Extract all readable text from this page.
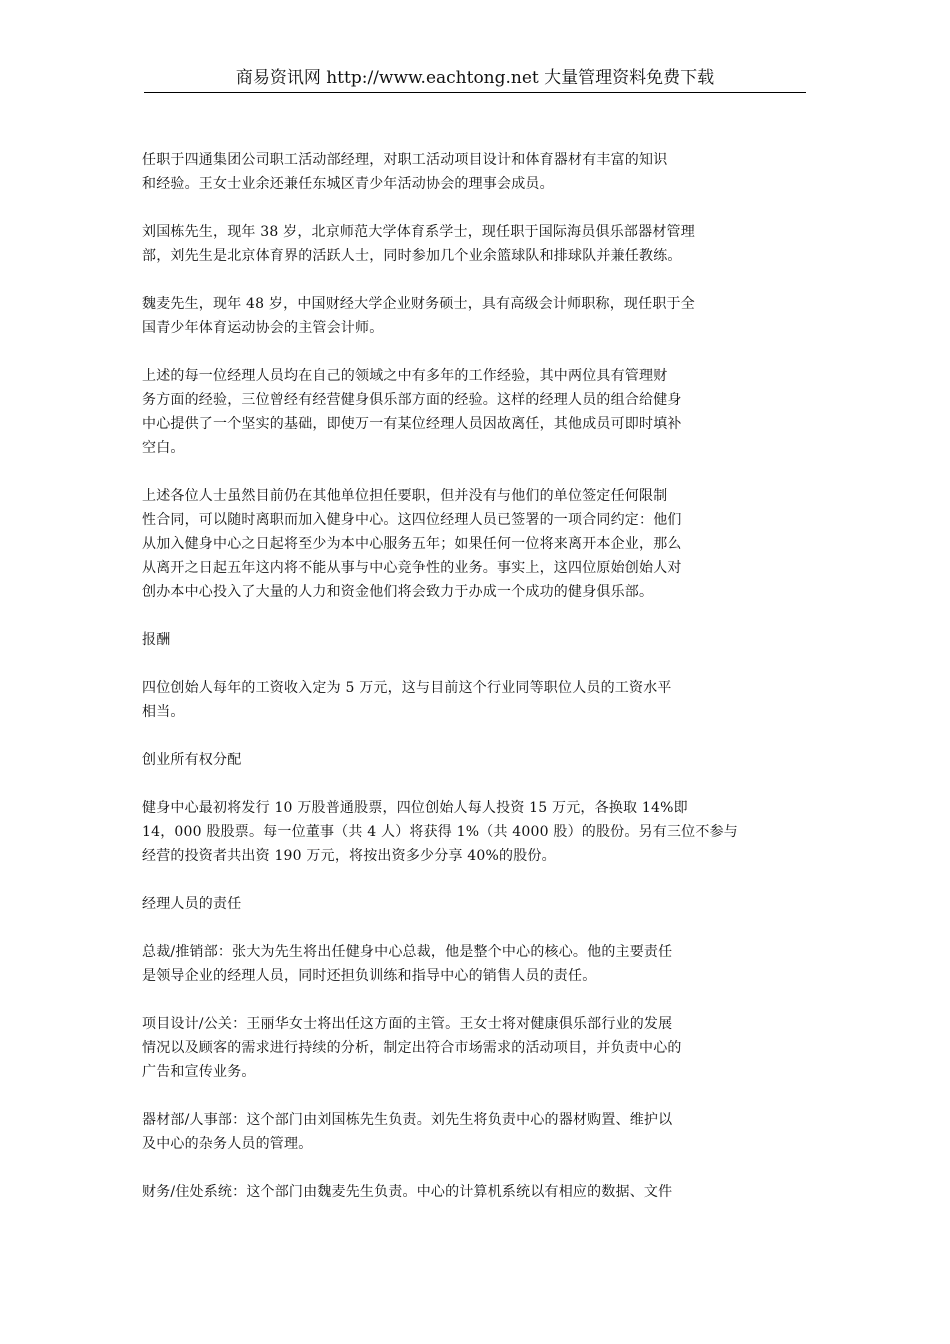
商易资讯网 http://www.eachtong.net 大量管理资料免费下载

任职于四通集团公司职工活动部经理，对职工活动项目设计和体育器材有丰富的知识
和经验。王女士业余还兼任东城区青少年活动协会的理事会成员。

刘国栋先生，现年 38 岁，北京师范大学体育系学士，现任职于国际海员俱乐部器材管理
部，刘先生是北京体育界的活跃人士，同时参加几个业余篮球队和排球队并兼任教练。

魏麦先生，现年 48 岁，中国财经大学企业财务硕士，具有高级会计师职称，现任职于全
国青少年体育运动协会的主管会计师。

上述的每一位经理人员均在自己的领域之中有多年的工作经验，其中两位具有管理财
务方面的经验，三位曾经有经营健身俱乐部方面的经验。这样的经理人员的组合给健身
中心提供了一个坚实的基础，即使万一有某位经理人员因故离任，其他成员可即时填补
空白。

上述各位人士虽然目前仍在其他单位担任要职，但并没有与他们的单位签定任何限制
性合同，可以随时离职而加入健身中心。这四位经理人员已签署的一项合同约定：他们
从加入健身中心之日起将至少为本中心服务五年；如果任何一位将来离开本企业，那么
从离开之日起五年这内将不能从事与中心竞争性的业务。事实上，这四位原始创始人对
创办本中心投入了大量的人力和资金他们将会致力于办成一个成功的健身俱乐部。

报酬

四位创始人每年的工资收入定为 5 万元，这与目前这个行业同等职位人员的工资水平
相当。

创业所有权分配

健身中心最初将发行 10 万股普通股票，四位创始人每人投资 15 万元，各换取 14%即
14，000 股股票。每一位董事（共 4 人）将获得 1%（共 4000 股）的股份。另有三位不参与
经营的投资者共出资 190 万元，将按出资多少分享 40%的股份。

经理人员的责任

总裁/推销部：张大为先生将出任健身中心总裁，他是整个中心的核心。他的主要责任
是领导企业的经理人员，同时还担负训练和指导中心的销售人员的责任。

项目设计/公关：王丽华女士将出任这方面的主管。王女士将对健康俱乐部行业的发展
情况以及顾客的需求进行持续的分析，制定出符合市场需求的活动项目，并负责中心的
广告和宣传业务。

器材部/人事部：这个部门由刘国栋先生负责。刘先生将负责中心的器材购置、维护以
及中心的杂务人员的管理。

财务/住处系统：这个部门由魏麦先生负责。中心的计算机系统以有相应的数据、文件
